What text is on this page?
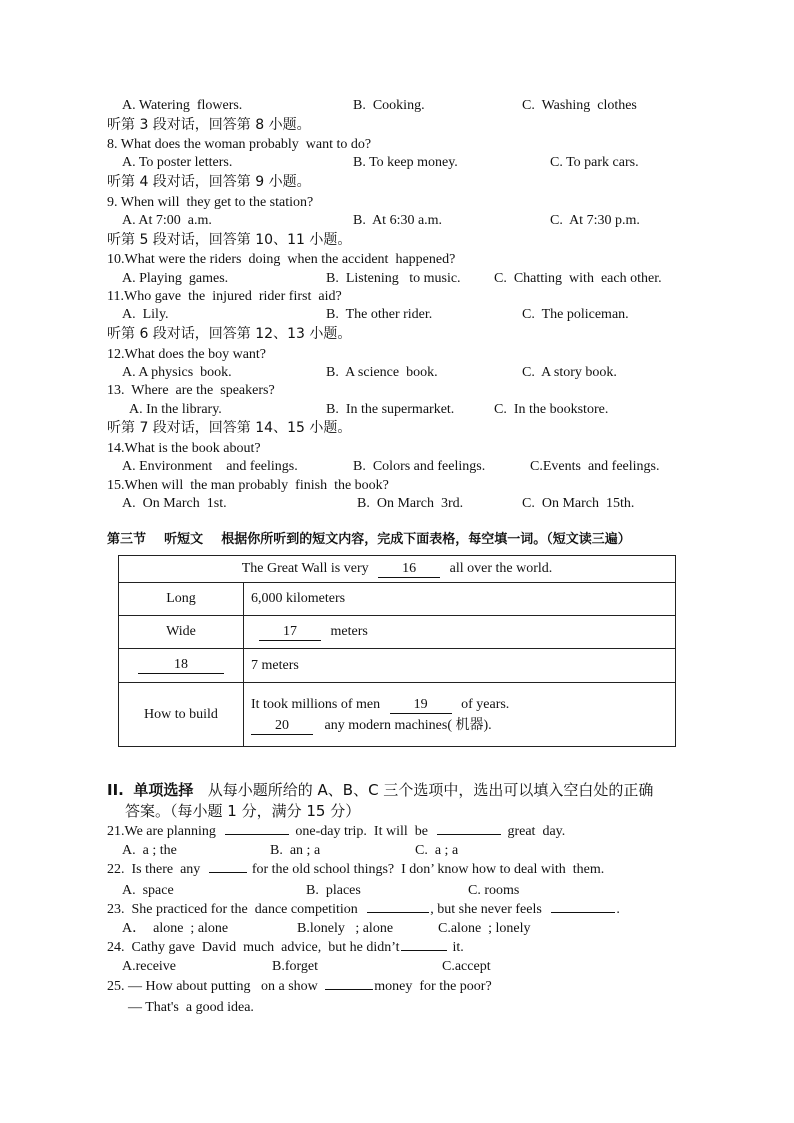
A. Watering  flowers.	B.  Cooking.	C.  Washing  clothes
听第 3 段对话，回答第 8 小题。
8. What does the woman probably  want to do?
A. To poster letters.	B. To keep money.	C. To park cars.
听第 4 段对话，回答第 9 小题。
9. When will  they get to the station?
A. At 7:00  a.m.	B.  At 6:30 a.m.	C.  At 7:30 p.m.
听第 5 段对话，回答第 10、11 小题。
10.What were the riders  doing  when the accident  happened?
A. Playing  games.	B.  Listening   to music. C.  Chatting  with  each other.
11.Who gave  the  injured  rider first  aid?
A.  Lily.	B.  The other rider.	C.  The policeman.
听第 6 段对话，回答第 12、13 小题。
12.What does the boy want?
A. A physics  book.	B.  A science  book.	C.  A story book.
13.  Where  are the  speakers?
A. In the library.	B.  In the supermarket.	C.  In the bookstore.
听第 7 段对话，回答第 14、15 小题。
14.What is the book about?
A. Environment    and feelings.	B.  Colors and feelings.	C.Events  and feelings.
15.When will  the man probably  finish  the book?
A.  On March  1st.	B.  On March  3rd.	C.  On March  15th.
第三节    听短文    根据你所听到的短文内容，完成下面表格，每空填一词。（短文读三遍）
The Great Wall is very 16 all over the world.	
Long	6,000 kilometers
Wide	17 meters
18	7 meters
How to build	It took millions of men 19 of years.
20 any modern machines( 机器).
II. 单项选择 从每小题所给的 A、B、C 三个选项中，选出可以填入空白处的正确
答案。（每小题 1 分，满分 15 分）
21.We are planning	one-day trip.  It will  be	great  day.
A.  a ; the	B.  an ; a	C.  a ; a
22.  Is there  any	for the old school things?  I don’ know how to deal with  them.
A.  space	B.  places	C. rooms
23.  She practiced for the  dance competition	, but she never feels	.
A．  alone  ; alone	B.lonely   ; alone	C.alone  ; lonely
24.  Cathy gave  David  much  advice,  but he didn’t	it.
A.receive	B.forget	C.accept
25. — How about putting   on a show	money  for the poor?
— That's  a good idea.
